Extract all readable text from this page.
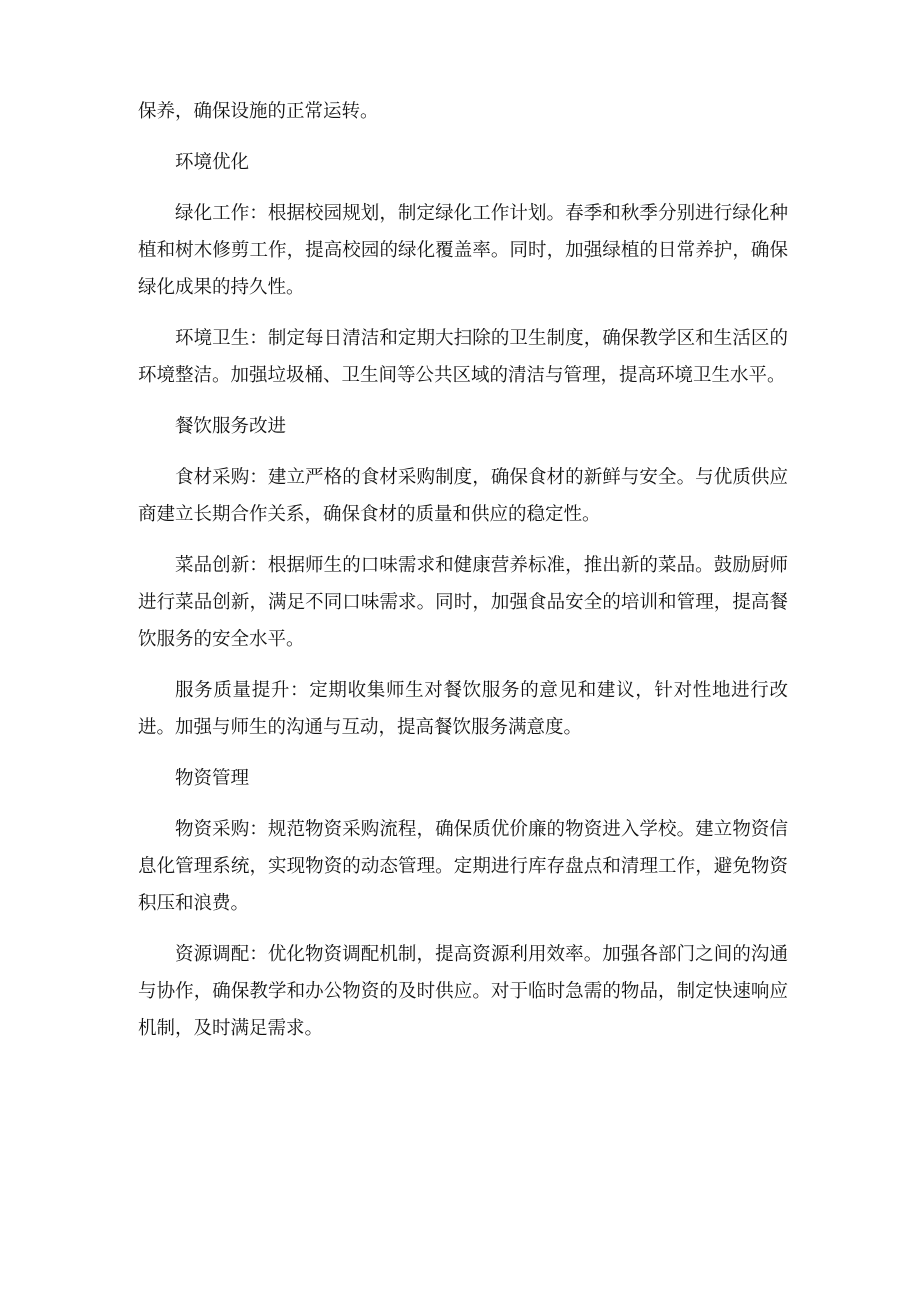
保养，确保设施的正常运转。

环境优化

绿化工作：根据校园规划，制定绿化工作计划。春季和秋季分别进行绿化种植和树木修剪工作，提高校园的绿化覆盖率。同时，加强绿植的日常养护，确保绿化成果的持久性。

环境卫生：制定每日清洁和定期大扫除的卫生制度，确保教学区和生活区的环境整洁。加强垃圾桶、卫生间等公共区域的清洁与管理，提高环境卫生水平。

餐饮服务改进

食材采购：建立严格的食材采购制度，确保食材的新鲜与安全。与优质供应商建立长期合作关系，确保食材的质量和供应的稳定性。

菜品创新：根据师生的口味需求和健康营养标准，推出新的菜品。鼓励厨师进行菜品创新，满足不同口味需求。同时，加强食品安全的培训和管理，提高餐饮服务的安全水平。

服务质量提升：定期收集师生对餐饮服务的意见和建议，针对性地进行改进。加强与师生的沟通与互动，提高餐饮服务满意度。

物资管理

物资采购：规范物资采购流程，确保质优价廉的物资进入学校。建立物资信息化管理系统，实现物资的动态管理。定期进行库存盘点和清理工作，避免物资积压和浪费。

资源调配：优化物资调配机制，提高资源利用效率。加强各部门之间的沟通与协作，确保教学和办公物资的及时供应。对于临时急需的物品，制定快速响应机制，及时满足需求。
